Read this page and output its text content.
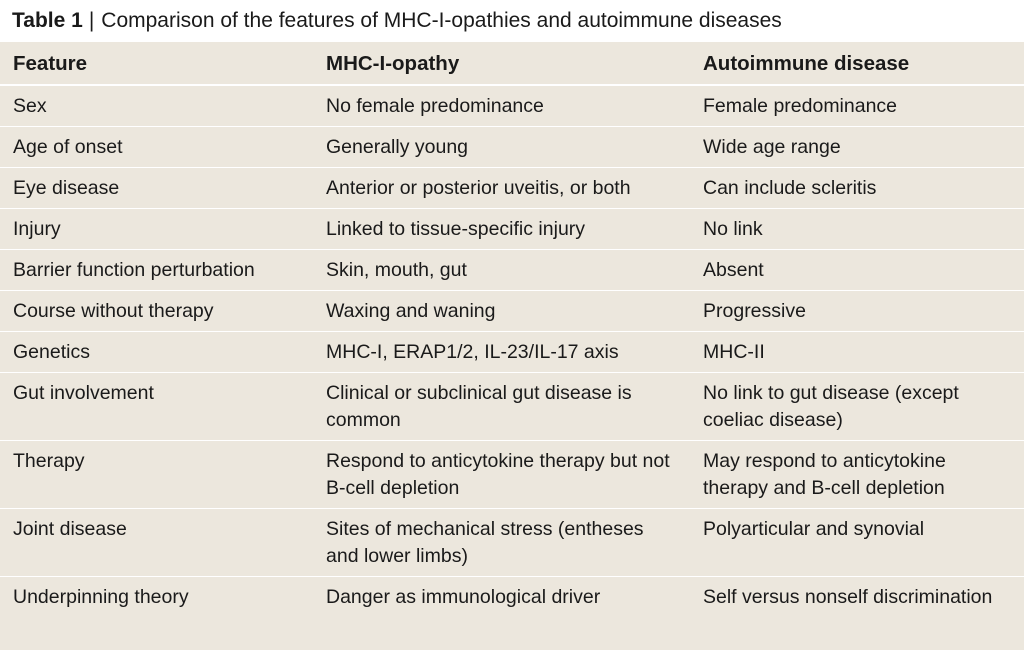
Table 1 | Comparison of the features of MHC-I-opathies and autoimmune diseases
Feature	MHC-I-opathy	Autoimmune disease
Sex	No female predominance	Female predominance
Age of onset	Generally young	Wide age range
Eye disease	Anterior or posterior uveitis, or both	Can include scleritis
Injury	Linked to tissue-specific injury	No link
Barrier function perturbation	Skin, mouth, gut	Absent
Course without therapy	Waxing and waning	Progressive
Genetics	MHC-I, ERAP1/2, IL-23/IL-17 axis	MHC-II
Gut involvement	Clinical or subclinical gut disease is common	No link to gut disease (except coeliac disease)
Therapy	Respond to anticytokine therapy but not B-cell depletion	May respond to anticytokine therapy and B-cell depletion
Joint disease	Sites of mechanical stress (entheses and lower limbs)	Polyarticular and synovial
Underpinning theory	Danger as immunological driver	Self versus nonself discrimination
